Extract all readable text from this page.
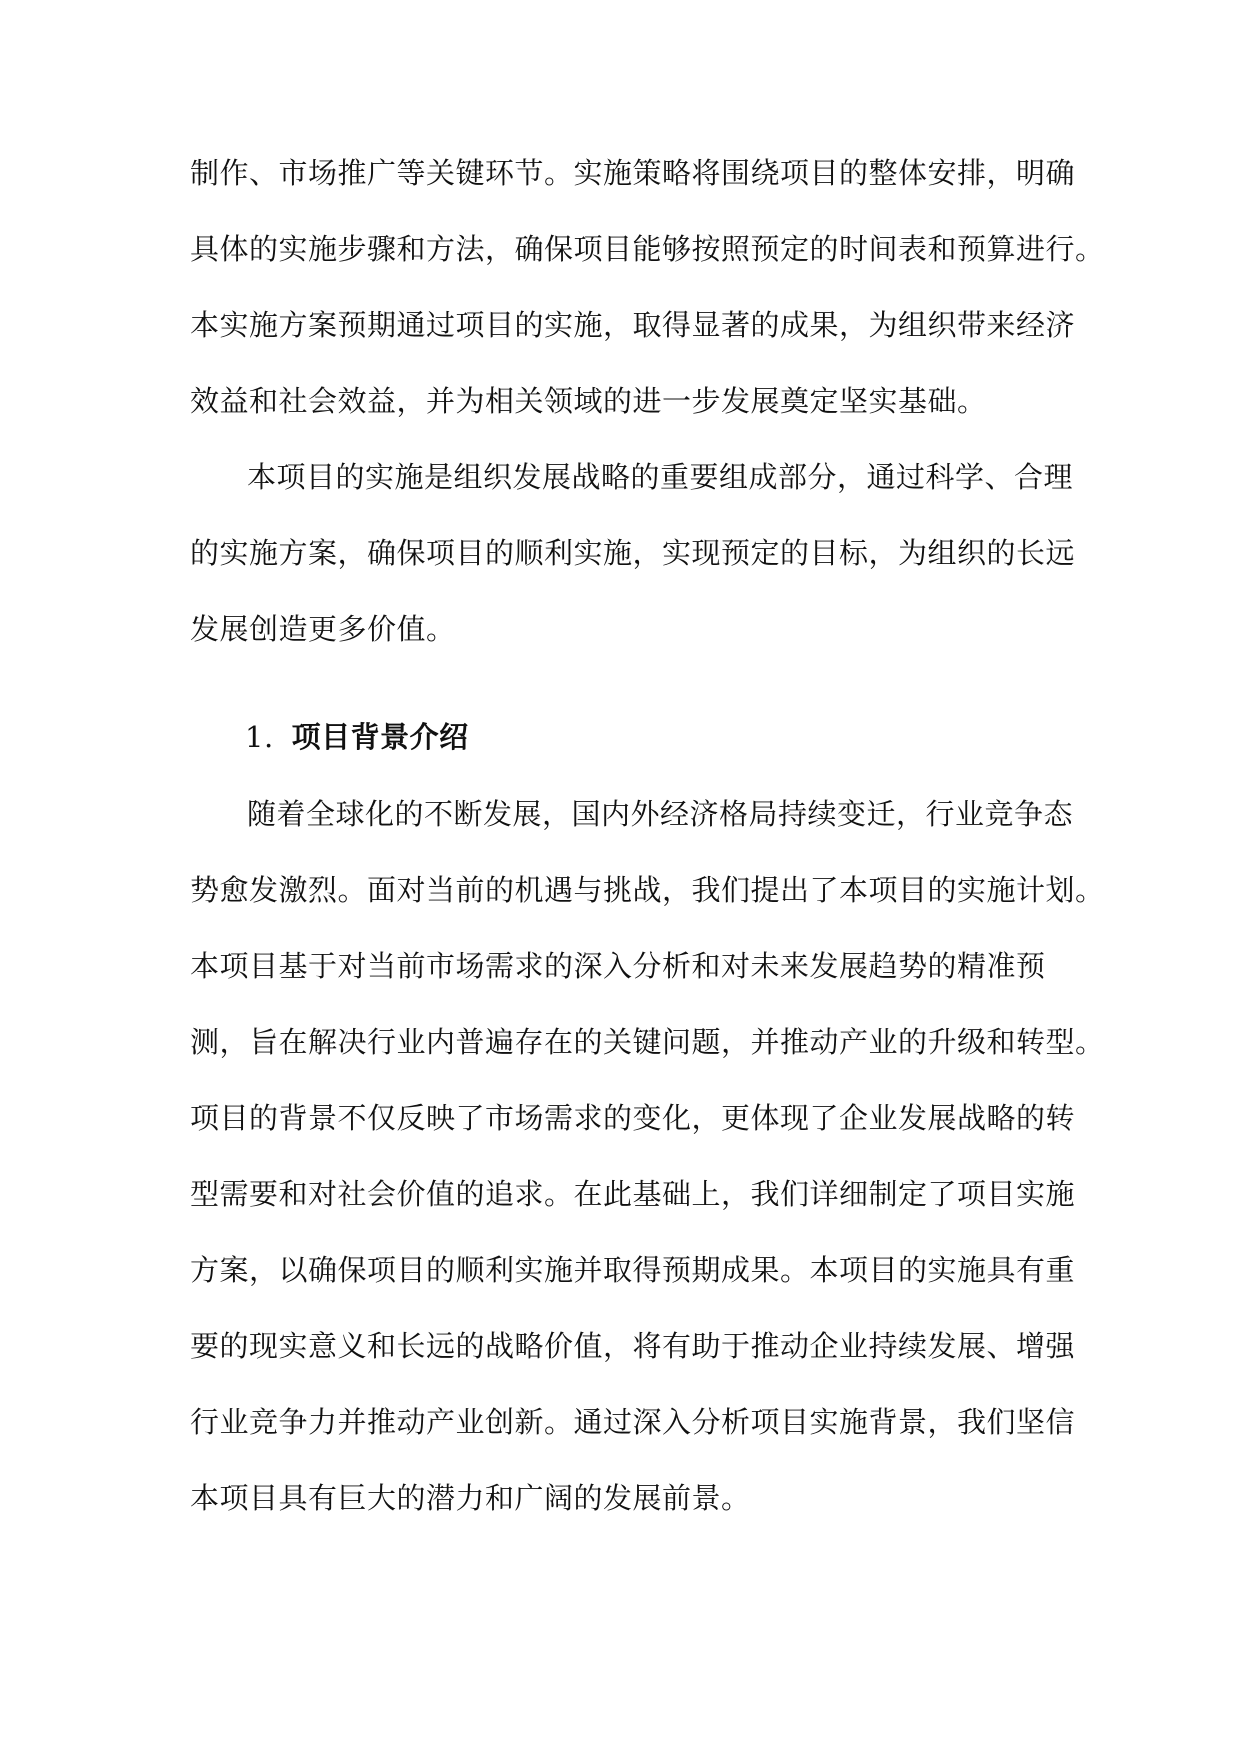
制作、市场推广等关键环节。实施策略将围绕项目的整体安排，明确
具体的实施步骤和方法，确保项目能够按照预定的时间表和预算进行。
本实施方案预期通过项目的实施，取得显著的成果，为组织带来经济
效益和社会效益，并为相关领域的进一步发展奠定坚实基础。
本项目的实施是组织发展战略的重要组成部分，通过科学、合理
的实施方案，确保项目的顺利实施，实现预定的目标，为组织的长远
发展创造更多价值。
1. 项目背景介绍
随着全球化的不断发展，国内外经济格局持续变迁，行业竞争态
势愈发激烈。面对当前的机遇与挑战，我们提出了本项目的实施计划。
本项目基于对当前市场需求的深入分析和对未来发展趋势的精准预
测，旨在解决行业内普遍存在的关键问题，并推动产业的升级和转型。
项目的背景不仅反映了市场需求的变化，更体现了企业发展战略的转
型需要和对社会价值的追求。在此基础上，我们详细制定了项目实施
方案，以确保项目的顺利实施并取得预期成果。本项目的实施具有重
要的现实意义和长远的战略价值，将有助于推动企业持续发展、增强
行业竞争力并推动产业创新。通过深入分析项目实施背景，我们坚信
本项目具有巨大的潜力和广阔的发展前景。
